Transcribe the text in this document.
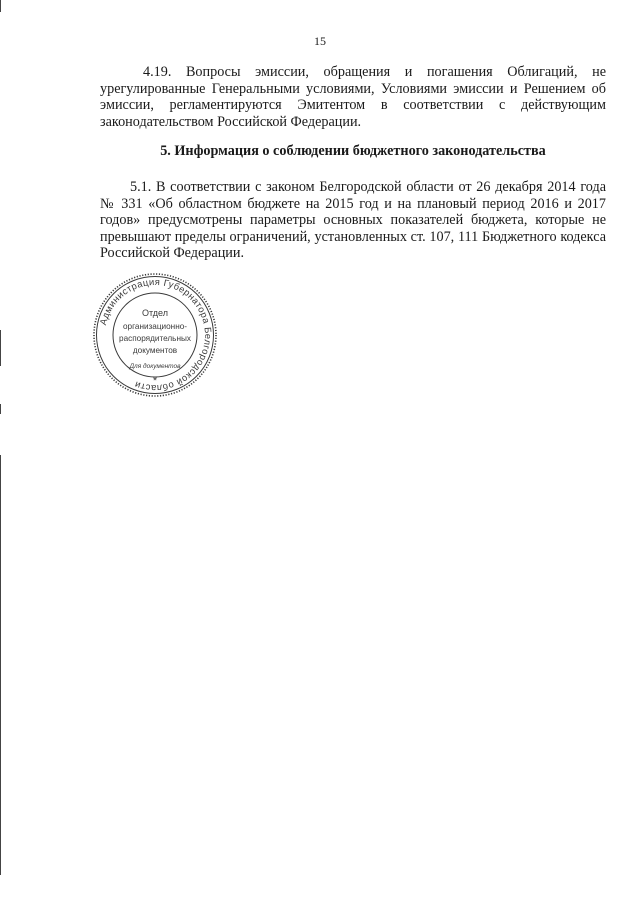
15
4.19. Вопросы эмиссии, обращения и погашения Облигаций, не урегулированные Генеральными условиями, Условиями эмиссии и Решением об эмиссии, регламентируются Эмитентом в соответствии с действующим законодательством Российской Федерации.
5. Информация о соблюдении бюджетного законодательства
5.1. В соответствии с законом Белгородской области от 26 декабря 2014 года № 331 «Об областном бюджете на 2015 год и на плановый период 2016 и 2017 годов» предусмотрены параметры основных показателей бюджета, которые не превышают пределы ограничений, установленных ст. 107, 111 Бюджетного кодекса Российской Федерации.
Администрация Губернатора Белгородской области
Отдел
организационно-
распорядительных
документов
Для документов
*
